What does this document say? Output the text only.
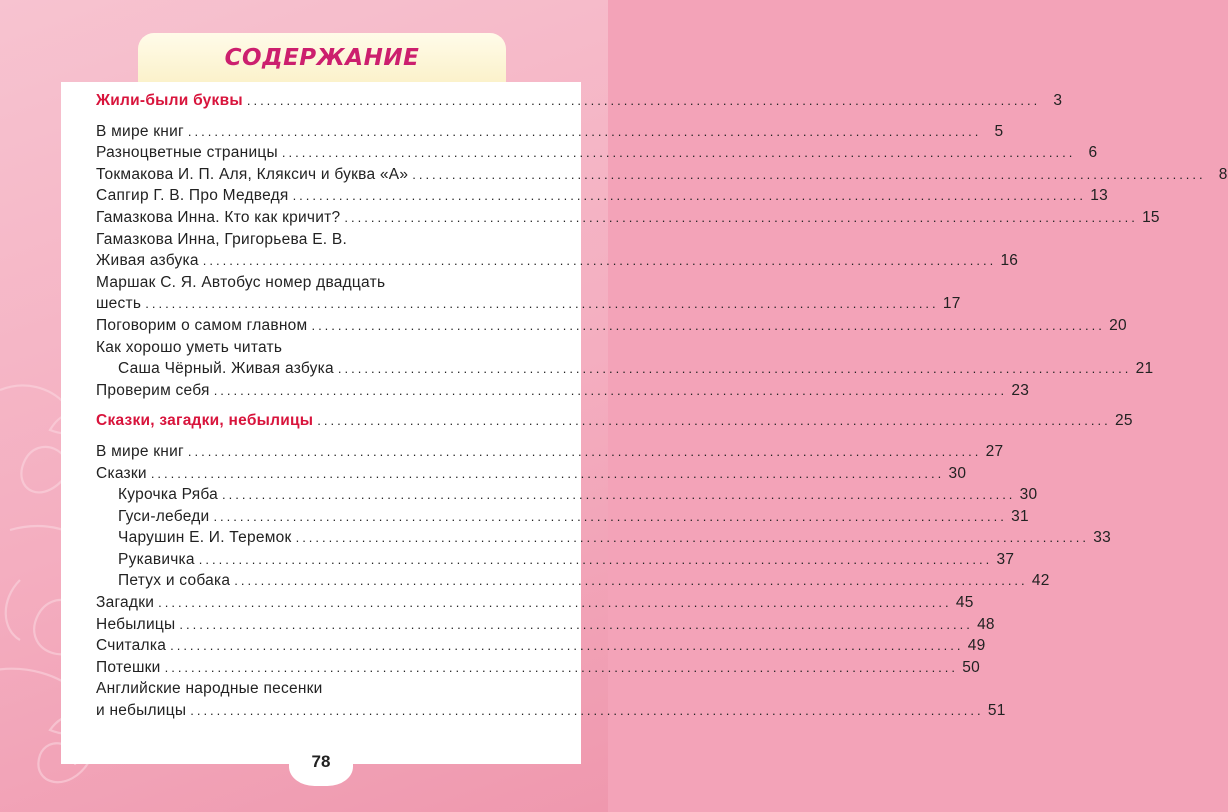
СОДЕРЖАНИЕ
Жили-были буквы ........................................................................................................................ 3
В мире книг ........................................................................................................................ 5
Разноцветные страницы ........................................................................................................................ 6
Токмакова И. П. Аля, Кляксич и буква «А» ........................................................................................................................ 8
Сапгир Г. В. Про Медведя ........................................................................................................................ 13
Гамазкова Инна. Кто как кричит? ........................................................................................................................ 15
Гамазкова Инна, Григорьева Е. В.
Живая азбука ........................................................................................................................ 16
Маршак С. Я. Автобус номер двадцать
шесть ........................................................................................................................ 17
Поговорим о самом главном ........................................................................................................................ 20
Как хорошо уметь читать
Саша Чёрный. Живая азбука ........................................................................................................................ 21
Проверим себя ........................................................................................................................ 23
Сказки, загадки, небылицы ........................................................................................................................ 25
В мире книг ........................................................................................................................ 27
Сказки ........................................................................................................................ 30
Курочка Ряба ........................................................................................................................ 30
Гуси-лебеди ........................................................................................................................ 31
Чарушин Е. И. Теремок ........................................................................................................................ 33
Рукавичка ........................................................................................................................ 37
Петух и собака ........................................................................................................................ 42
Загадки ........................................................................................................................ 45
Небылицы ........................................................................................................................ 48
Считалка ........................................................................................................................ 49
Потешки ........................................................................................................................ 50
Английские народные песенки
и небылицы ........................................................................................................................ 51
78
